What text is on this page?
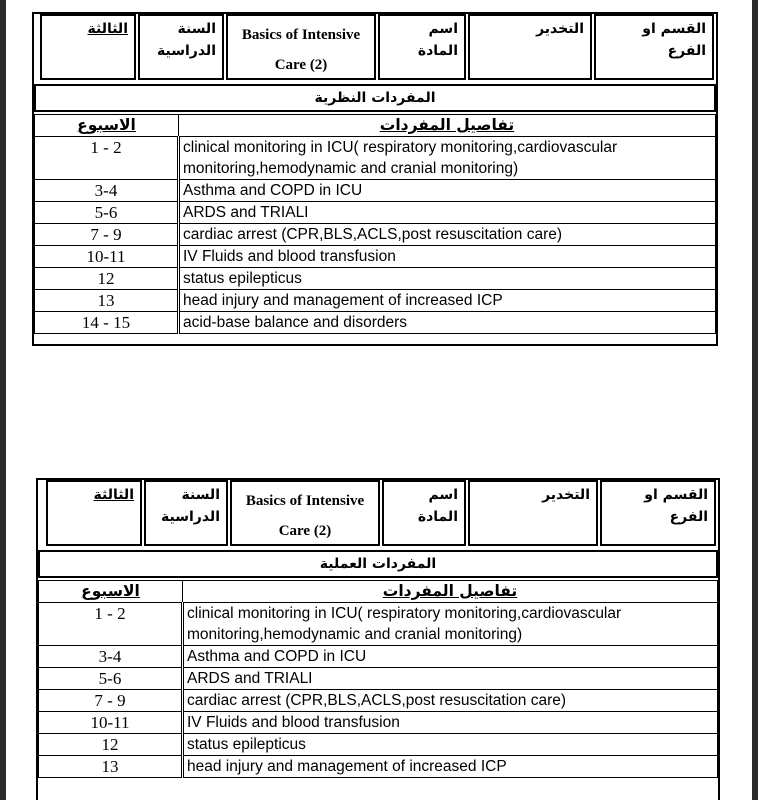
القسم او الفرع
التخدير
اسم المادة
Basics of Intensive Care (2)
السنة الدراسية
الثالثة
المفردات النظرية
الاسبوع	تفاصيل المفردات
1 - 2	clinical monitoring in ICU( respiratory monitoring,cardiovascular monitoring,hemodynamic and cranial monitoring)
3-4	Asthma and COPD in ICU
5-6	ARDS and TRIALI
7 - 9	cardiac arrest (CPR,BLS,ACLS,post resuscitation care)
10-11	IV Fluids and blood transfusion
12	status epilepticus
13	head injury and management of increased ICP
14 - 15	acid-base balance and disorders
القسم او الفرع
التخدير
اسم المادة
Basics of Intensive Care (2)
السنة الدراسية
الثالثة
المفردات العملية
الاسبوع	تفاصيل المفردات
1 - 2	clinical monitoring in ICU( respiratory monitoring,cardiovascular monitoring,hemodynamic and cranial monitoring)
3-4	Asthma and COPD in ICU
5-6	ARDS and TRIALI
7 - 9	cardiac arrest (CPR,BLS,ACLS,post resuscitation care)
10-11	IV Fluids and blood transfusion
12	status epilepticus
13	head injury and management of increased ICP
